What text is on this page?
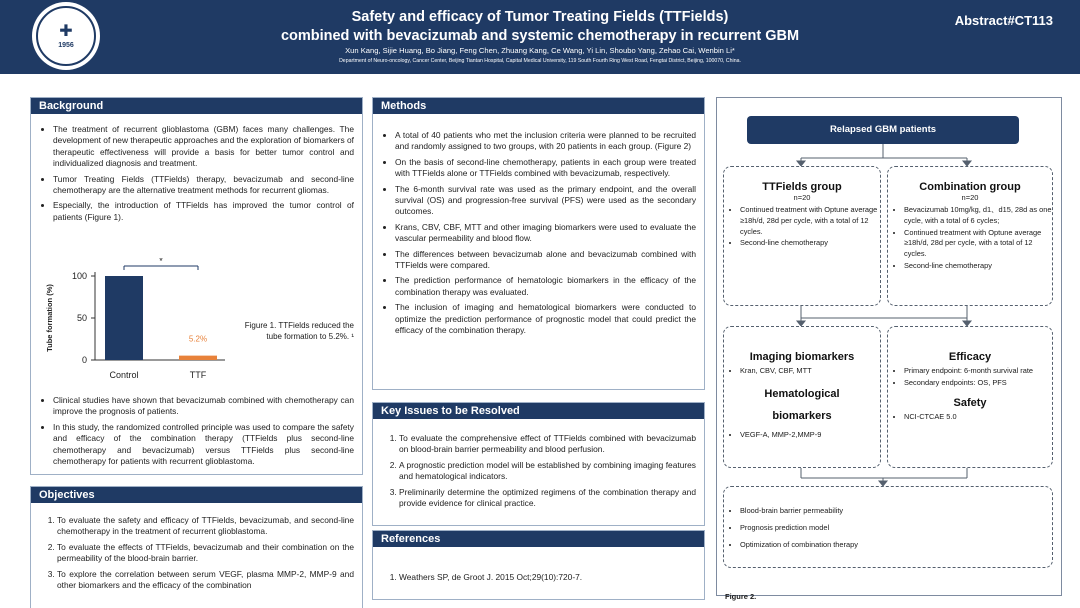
✚
1956
Safety and efficacy of Tumor Treating Fields (TTFields)
combined with bevacizumab and systemic chemotherapy in recurrent GBM
Xun Kang, Sijie Huang, Bo Jiang, Feng Chen, Zhuang Kang, Ce Wang, Yi Lin, Shoubo Yang, Zehao Cai, Wenbin Li*
Department of Neuro-oncology, Cancer Center, Beijing Tiantan Hospital, Capital Medical University, 119 South Fourth Ring West Road, Fengtai District, Beijing, 100070, China.
Abstract#CT113
Background
• The treatment of recurrent glioblastoma (GBM) faces many challenges. The development of new therapeutic approaches and the exploration of biomarkers of therapeutic effectiveness will provide a basis for better tumor control and individualized diagnosis and treatment.
• Tumor Treating Fields (TTFields) therapy, bevacizumab and second-line chemotherapy are the alternative treatment methods for recurrent gliomas.
• Especially, the introduction of TTFields has improved the tumor control of patients (Figure 1).
• Clinical studies have shown that bevacizumab combined with chemotherapy can improve the prognosis of patients.
• In this study, the randomized controlled principle was used to compare the safety and efficacy of the combination therapy (TTFields plus second-line chemotherapy and bevacizumab) versus TTFields plus second-line chemotherapy for patients with recurrent glioblastoma.
0
50
100
Tube formation (%)
Control	TTF
5.2%
*
Figure 1. TTFields reduced the tube formation to 5.2%. ¹
Objectives
1. To evaluate the safety and efficacy of TTFields, bevacizumab, and second-line chemotherapy in the treatment of recurrent glioblastoma.
2. To evaluate the effects of TTFields, bevacizumab and their combination on the permeability of the blood-brain barrier.
3. To explore the correlation between serum VEGF, plasma MMP-2, MMP-9 and other biomarkers and the efficacy of the combination
Methods
• A total of 40 patients who met the inclusion criteria were planned to be recruited and randomly assigned to two groups, with 20 patients in each group. (Figure 2)
• On the basis of second-line chemotherapy, patients in each group were treated with TTFields alone or TTFields combined with bevacizumab, respectively.
• The 6-month survival rate was used as the primary endpoint, and the overall survival (OS) and progression-free survival (PFS) were used as the secondary outcomes.
• Krans, CBV, CBF, MTT and other imaging biomarkers were used to evaluate the vascular permeability and blood flow.
• The differences between bevacizumab alone and bevacizumab combined with TTFields were compared.
• The prediction performance of hematologic biomarkers in the efficacy of the combination therapy was evaluated.
• The inclusion of imaging and hematological biomarkers were conducted to optimize the prediction performance of prognostic model that could predict the efficacy of the combination therapy.
Key Issues to be Resolved
1. To evaluate the comprehensive effect of TTFields combined with bevacizumab on blood-brain barrier permeability and blood perfusion.
2. A prognostic prediction model will be established by combining imaging features and hematological indicators.
3. Preliminarily determine the optimized regimens of the combination therapy and provide evidence for clinical practice.
References
1. Weathers SP, de Groot J. 2015 Oct;29(10):720-7.
Relapsed GBM patients
TTFields group
n=20
• Continued treatment with Optune average ≥18h/d, 28d per cycle, with a total of 12 cycles.
• Second-line chemotherapy
Combination group
n=20
• Bevacizumab 10mg/kg, d1、d15, 28d as one cycle, with a total of 6 cycles;
• Continued treatment with Optune average ≥18h/d, 28d per cycle, with a total of 12 cycles.
• Second-line chemotherapy
Imaging biomarkers
• Kran, CBV, CBF, MTT
Hematological biomarkers
• VEGF-A, MMP-2,MMP-9
Efficacy
• Primary endpoint: 6-month survival rate
• Secondary endpoints: OS, PFS
Safety
• NCI-CTCAE 5.0
• Blood-brain barrier permeability
• Prognosis prediction model
• Optimization of combination therapy
Figure 2.
